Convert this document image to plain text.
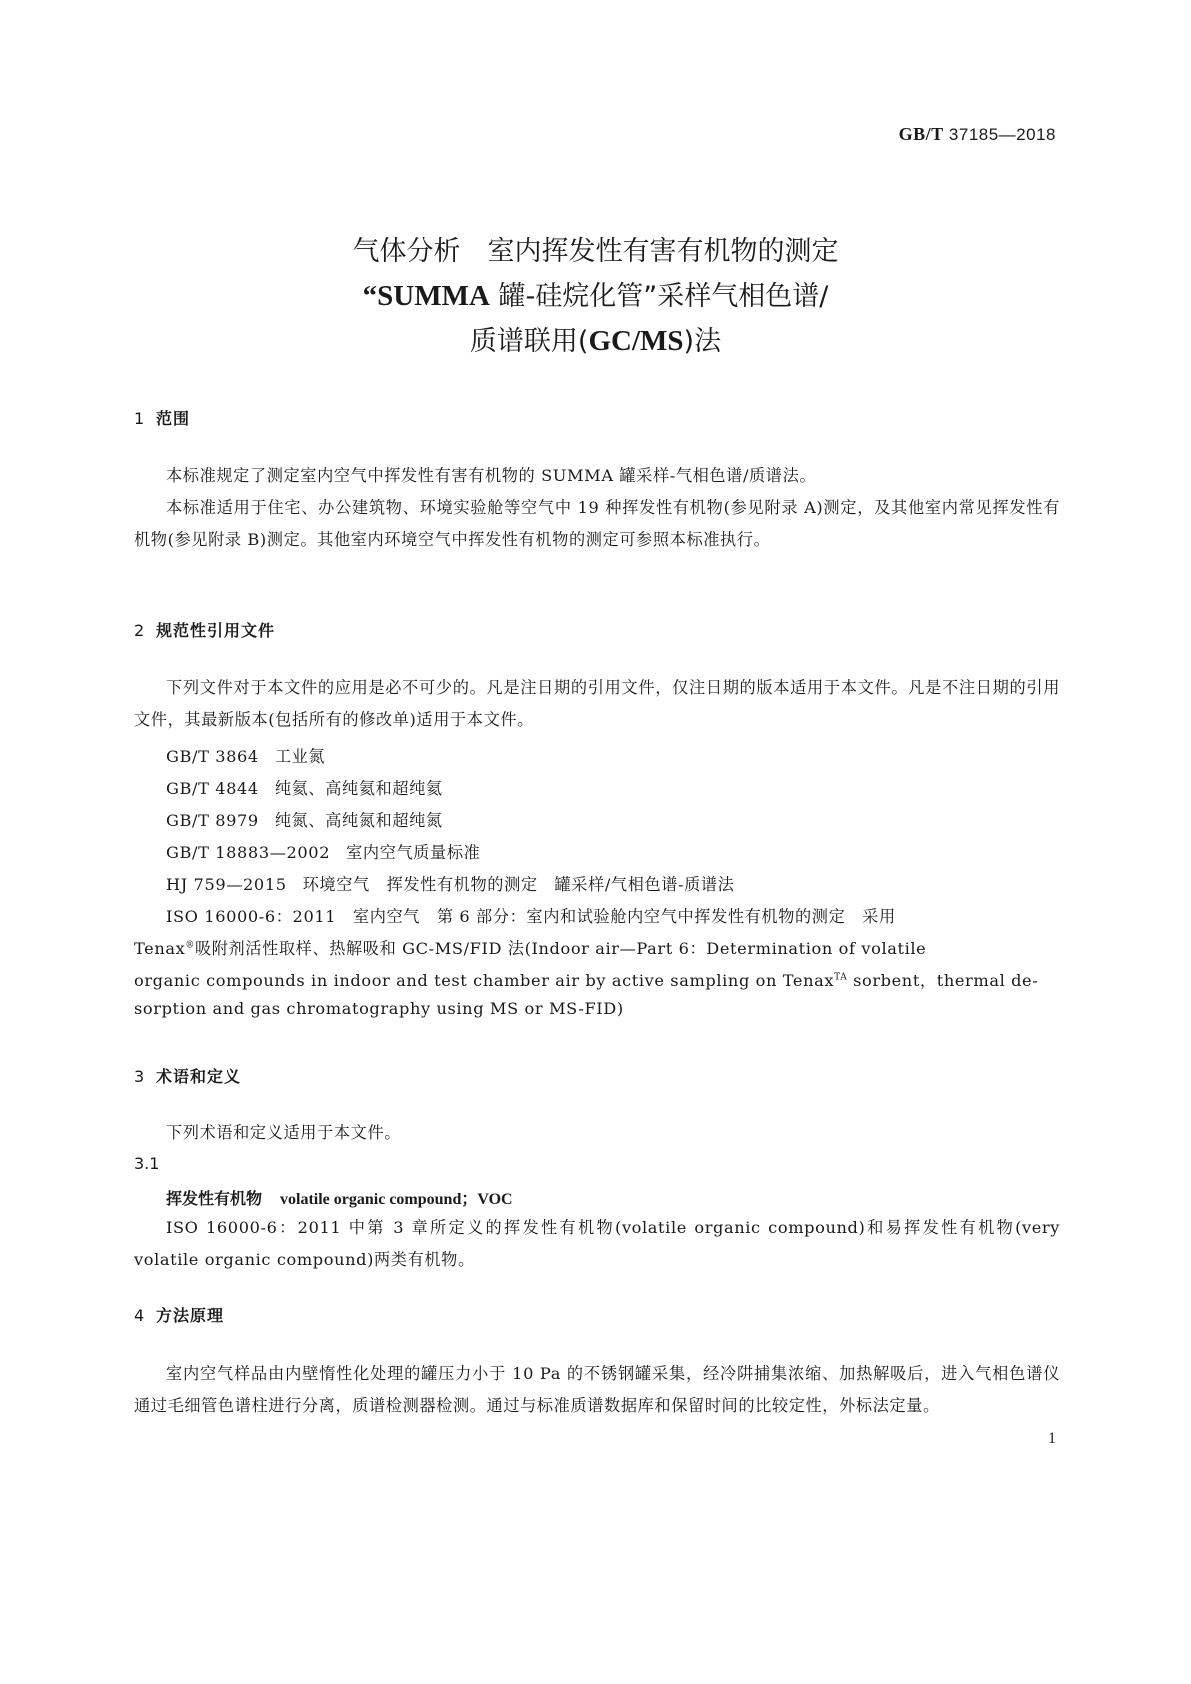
GB/T 37185—2018
气体分析　室内挥发性有害有机物的测定
“SUMMA 罐-硅烷化管”采样气相色谱/
质谱联用(GC/MS)法
1 范围
本标准规定了测定室内空气中挥发性有害有机物的 SUMMA 罐采样-气相色谱/质谱法。
本标准适用于住宅、办公建筑物、环境实验舱等空气中 19 种挥发性有机物(参见附录 A)测定，及其他室内常见挥发性有机物(参见附录 B)测定。其他室内环境空气中挥发性有机物的测定可参照本标准执行。
2 规范性引用文件
下列文件对于本文件的应用是必不可少的。凡是注日期的引用文件，仅注日期的版本适用于本文件。凡是不注日期的引用文件，其最新版本(包括所有的修改单)适用于本文件。
GB/T 3864 工业氮
GB/T 4844 纯氦、高纯氦和超纯氦
GB/T 8979 纯氮、高纯氮和超纯氮
GB/T 18883—2002 室内空气质量标准
HJ 759—2015 环境空气　挥发性有机物的测定　罐采样/气相色谱-质谱法
ISO 16000-6：2011　室内空气　第 6 部分：室内和试验舱内空气中挥发性有机物的测定　采用
Tenax®吸附剂活性取样、热解吸和 GC-MS/FID 法(Indoor air—Part 6：Determination of volatile
organic compounds in indoor and test chamber air by active sampling on Tenax$^{TA}$ sorbent，thermal de-
sorption and gas chromatography using MS or MS-FID)
3 术语和定义
下列术语和定义适用于本文件。
3.1
挥发性有机物 volatile organic compound；VOC
ISO 16000-6：2011 中第 3 章所定义的挥发性有机物(volatile organic compound)和易挥发性有机物(very volatile organic compound)两类有机物。
4 方法原理
室内空气样品由内壁惰性化处理的罐压力小于 10 Pa 的不锈钢罐采集，经冷阱捕集浓缩、加热解吸后，进入气相色谱仪通过毛细管色谱柱进行分离，质谱检测器检测。通过与标准质谱数据库和保留时间的比较定性，外标法定量。
1
